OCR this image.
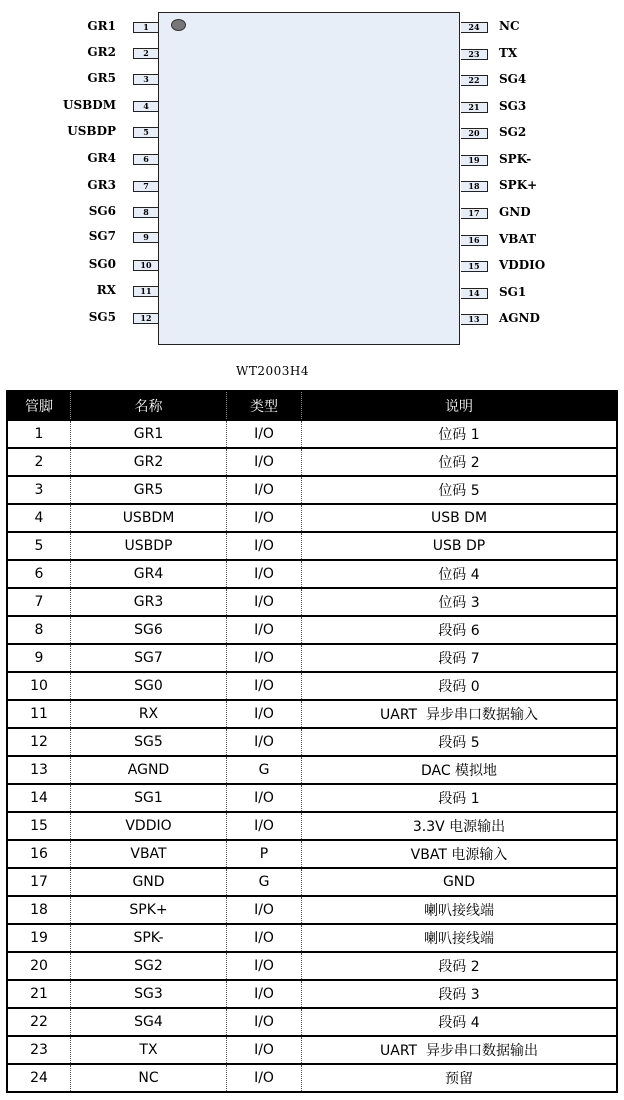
1
GR1
2
GR2
3
GR5
4
USBDM
5
USBDP
6
GR4
7
GR3
8
SG6
9
SG7
10
SG0
11
RX
12
SG5
24	NC
23	TX
22	SG4
21	SG3
20	SG2
19	SPK-
18	SPK+
17	GND
16	VBAT
15	VDDIO
14	SG1
13	AGND
WT2003H4
管脚	名称	类型	说明
1	GR1	I/O	位码 1
2	GR2	I/O	位码 2
3	GR5	I/O	位码 5
4	USBDM	I/O	USB DM
5	USBDP	I/O	USB DP
6	GR4	I/O	位码 4
7	GR3	I/O	位码 3
8	SG6	I/O	段码 6
9	SG7	I/O	段码 7
10	SG0	I/O	段码 0
11	RX	I/O	UART  异步串口数据输入
12	SG5	I/O	段码 5
13	AGND	G	DAC 模拟地
14	SG1	I/O	段码 1
15	VDDIO	I/O	3.3V 电源输出
16	VBAT	P	VBAT 电源输入
17	GND	G	GND
18	SPK+	I/O	喇叭接线端
19	SPK-	I/O	喇叭接线端
20	SG2	I/O	段码 2
21	SG3	I/O	段码 3
22	SG4	I/O	段码 4
23	TX	I/O	UART  异步串口数据输出
24	NC	I/O	预留
